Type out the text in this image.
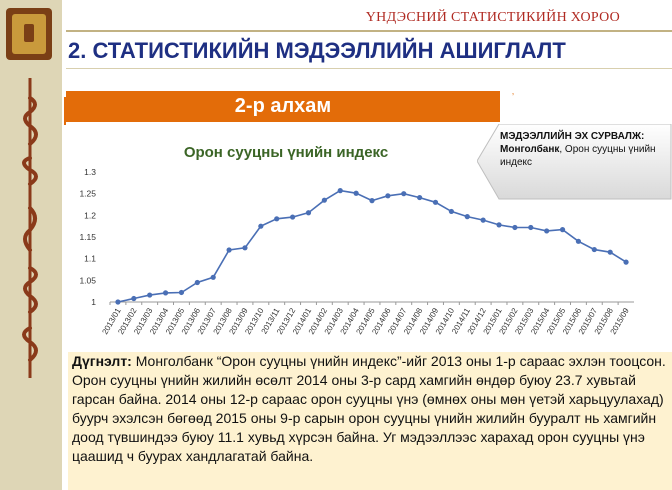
ҮНДЭСНИЙ СТАТИСТИКИЙН ХОРОО
2. СТАТИСТИКИЙН МЭДЭЭЛЛИЙН АШИГЛАЛТ
2-р алхам
‚
Орон сууцны үнийн индекс
1
1.05
1.1
1.15
1.2
1.25
1.3
2013/01
2013/02
2013/03
2013/04
2013/05
2013/06
2013/07
2013/08
2013/09
2013/10
2013/11
2013/12
2014/01
2014/02
2014/03
2014/04
2014/05
2014/06
2014/07
2014/08
2014/09
2014/10
2014/11
2014/12
2015/01
2015/02
2015/03
2015/04
2015/05
2015/06
2015/07
2015/08
2015/09
МЭДЭЭЛЛИЙН ЭХ СУРВАЛЖ:
Монголбанк, Орон сууцны үнийн индекс

Дүгнэлт: Монголбанк “Орон сууцны үнийн индекс”-ийг 2013 оны 1-р сараас эхлэн тооцсон. Орон сууцны үнийн жилийн өсөлт 2014 оны 3-р сард хамгийн өндөр буюу 23.7 хувьтай гарсан байна. 2014 оны 12-р сараас орон сууцны үнэ (өмнөх оны мөн үетэй харьцуулахад) буурч эхэлсэн бөгөөд 2015 оны 9-р сарын орон сууцны үнийн жилийн бууралт нь хамгийн доод түвшиндээ буюу 11.1 хувьд хүрсэн байна. Уг мэдээллээс харахад орон сууцны үнэ цаашид ч буурах хандлагатай байна.
